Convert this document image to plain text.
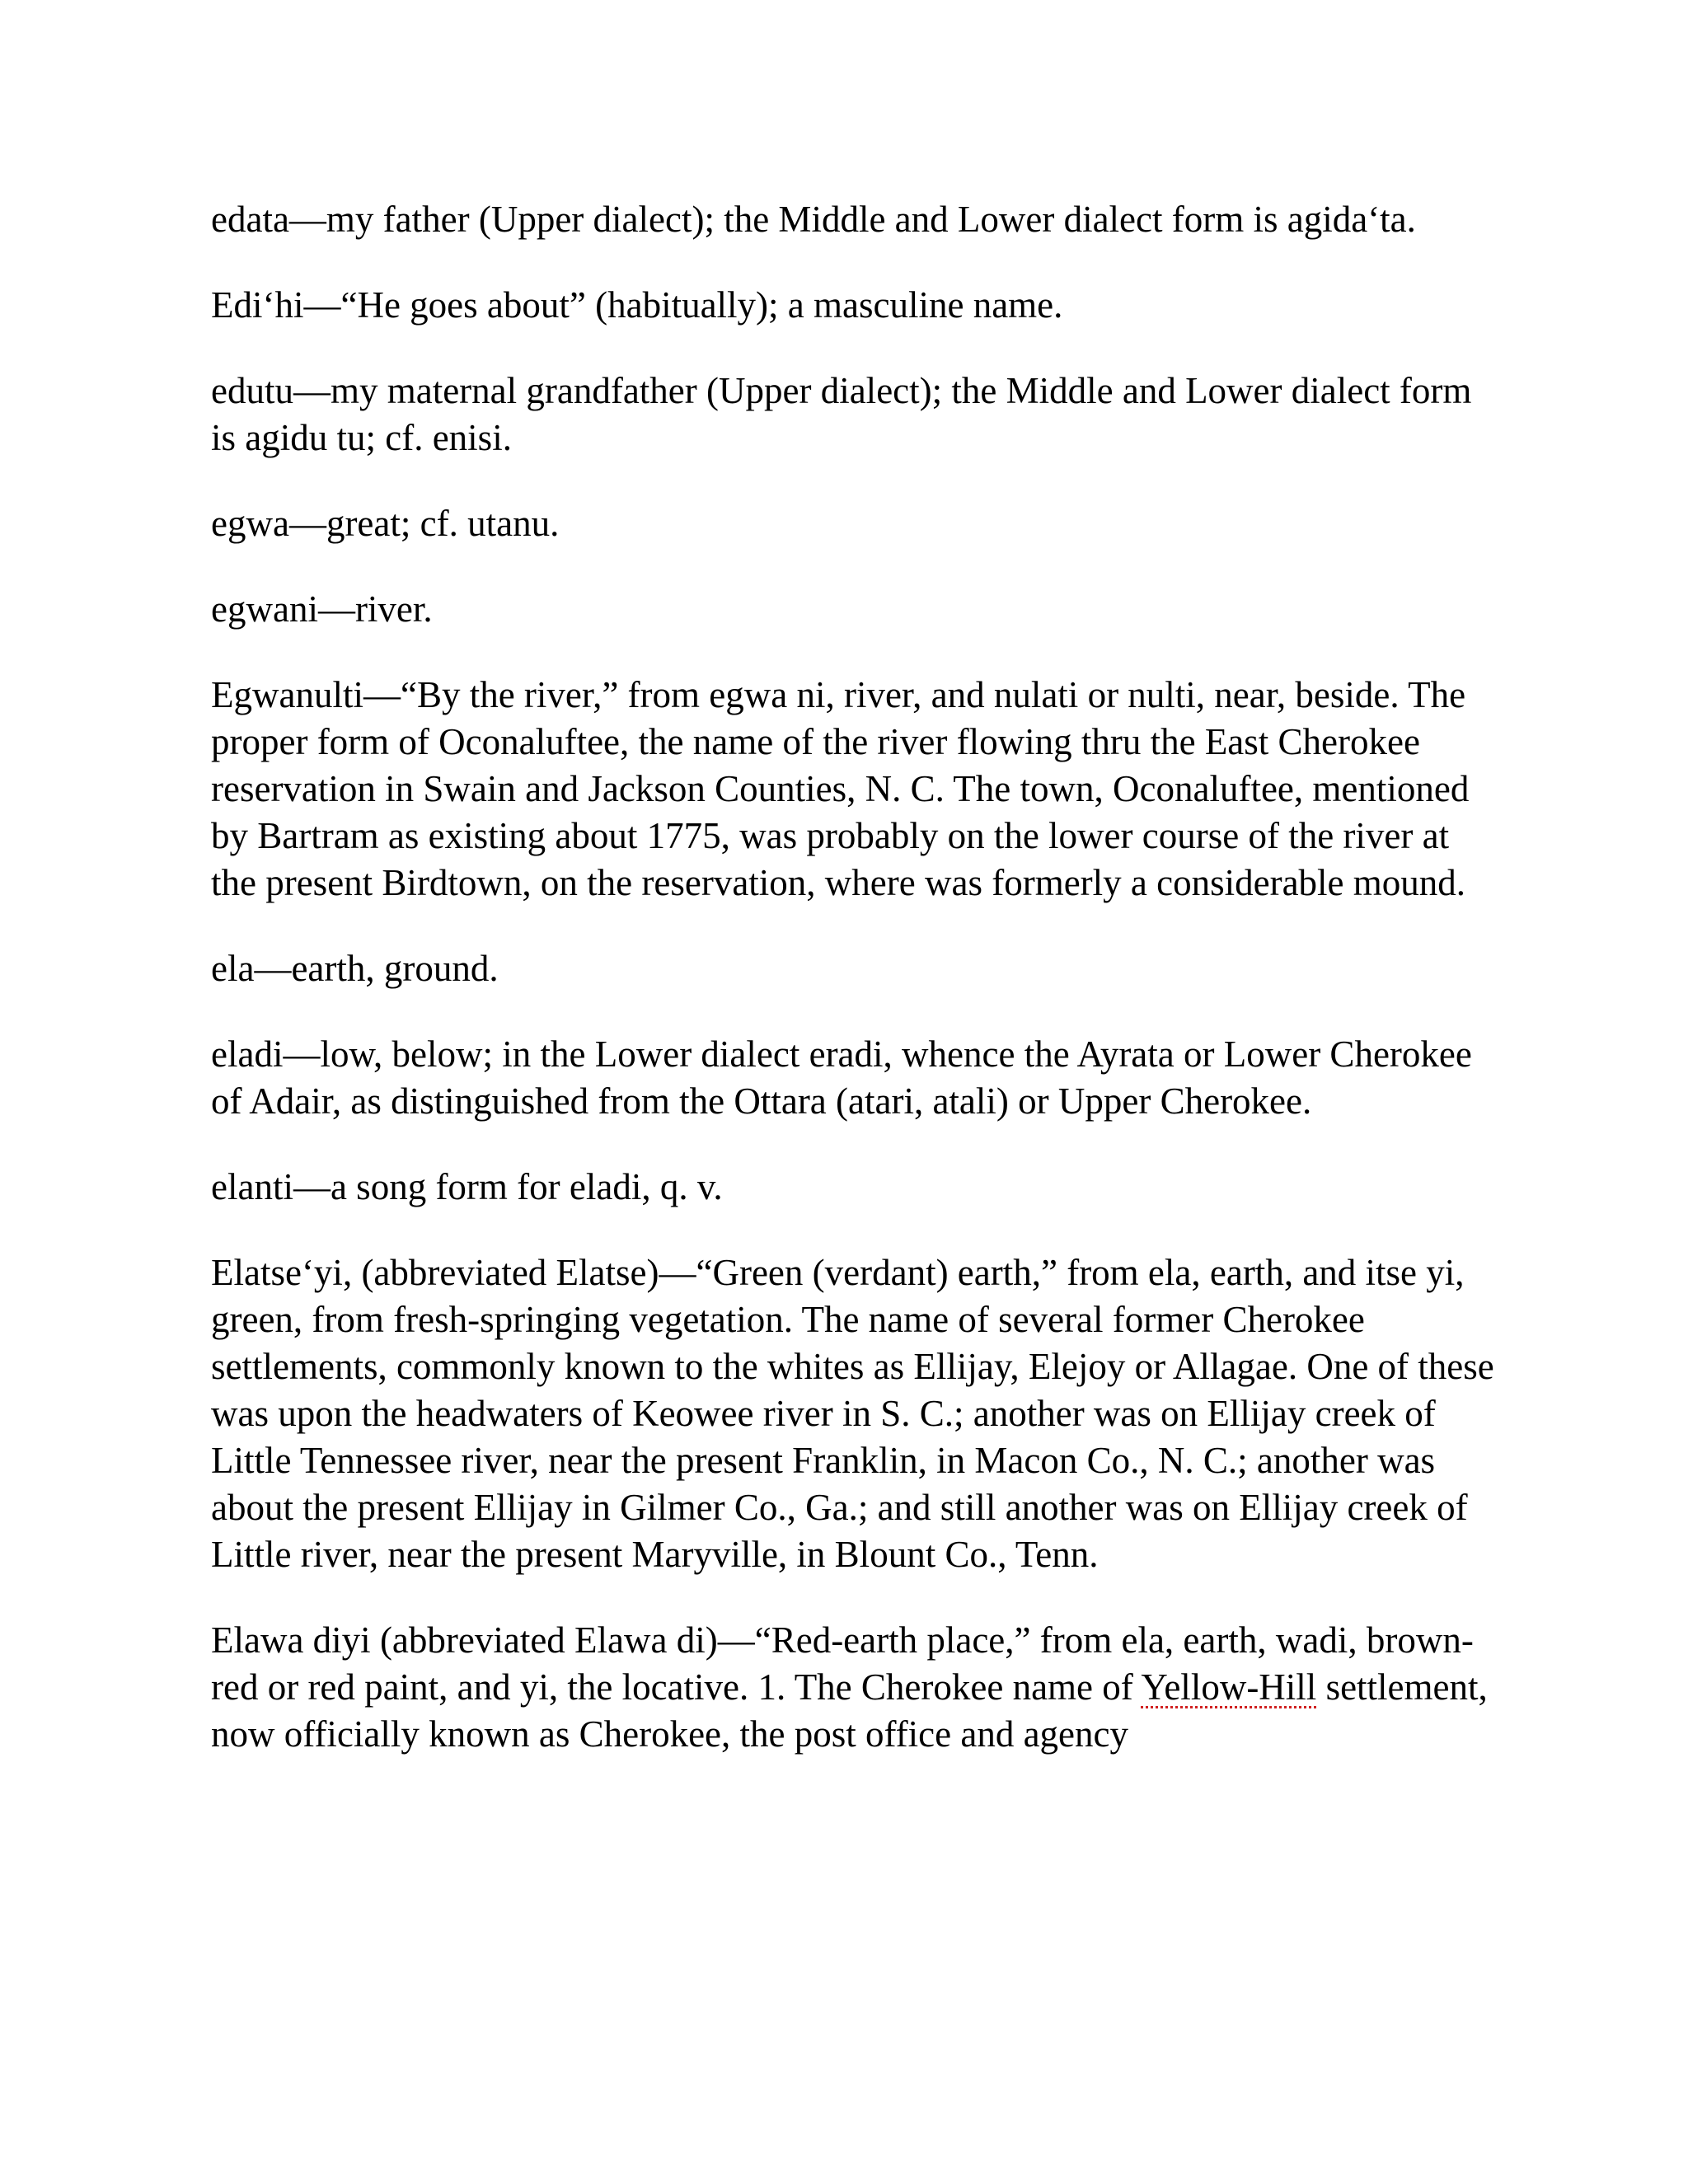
edata—my father (Upper dialect); the Middle and Lower dialect form is agida‘ta.

Edi‘hi—“He goes about” (habitually); a masculine name.

edutu—my maternal grandfather (Upper dialect); the Middle and Lower dialect form is agidu tu; cf. enisi.

egwa—great; cf. utanu.

egwani—river.

Egwanulti—“By the river,” from egwa ni, river, and nulati or nulti, near, beside. The proper form of Oconaluftee, the name of the river flowing thru the East Cherokee reservation in Swain and Jackson Counties, N. C. The town, Oconaluftee, mentioned by Bartram as existing about 1775, was probably on the lower course of the river at the present Birdtown, on the reservation, where was formerly a considerable mound.

ela—earth, ground.

eladi—low, below; in the Lower dialect eradi, whence the Ayrata or Lower Cherokee of Adair, as distinguished from the Ottara (atari, atali) or Upper Cherokee.

elanti—a song form for eladi, q. v.

Elatse‘yi, (abbreviated Elatse)—“Green (verdant) earth,” from ela, earth, and itse yi, green, from fresh-springing vegetation. The name of several former Cherokee settlements, commonly known to the whites as Ellijay, Elejoy or Allagae. One of these was upon the headwaters of Keowee river in S. C.; another was on Ellijay creek of Little Tennessee river, near the present Franklin, in Macon Co., N. C.; another was about the present Ellijay in Gilmer Co., Ga.; and still another was on Ellijay creek of Little river, near the present Maryville, in Blount Co., Tenn.

Elawa diyi (abbreviated Elawa di)—“Red-earth place,” from ela, earth, wadi, brown-red or red paint, and yi, the locative. 1. The Cherokee name of Yellow-Hill settlement, now officially known as Cherokee, the post office and agency
